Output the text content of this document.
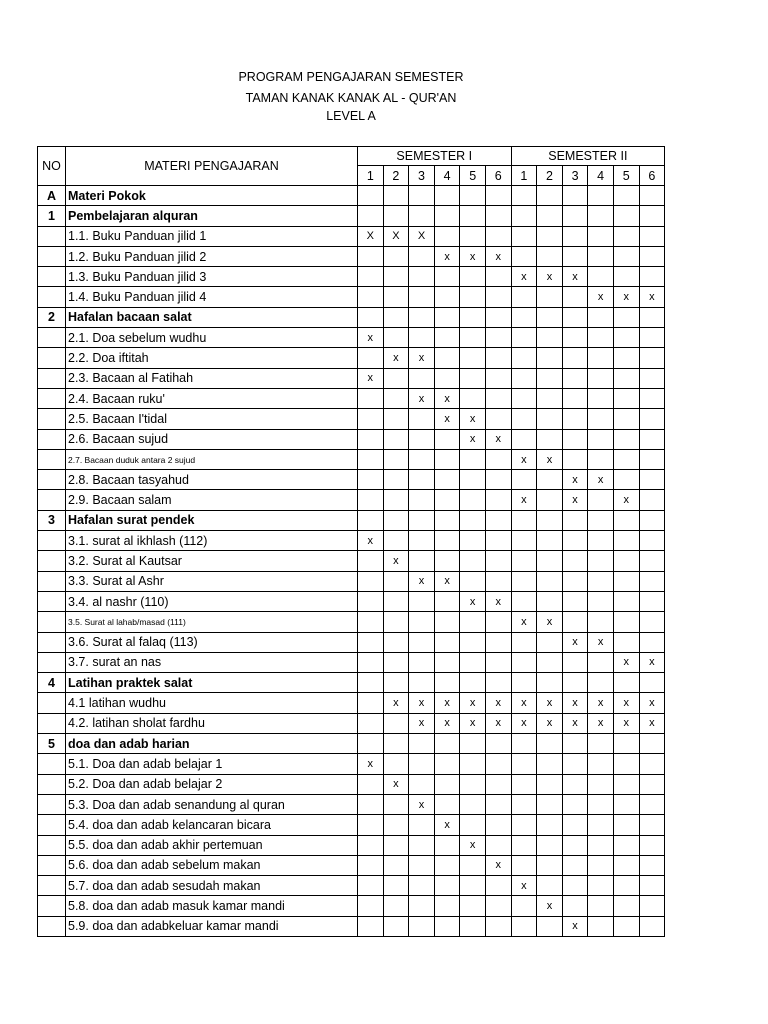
PROGRAM PENGAJARAN SEMESTER
TAMAN KANAK KANAK AL - QUR'AN
LEVEL A
NO	MATERI PENGAJARAN	SEMESTER I						SEMESTER II					
		1	2	3	4	5	6	1	2	3	4	5	6
A	Materi Pokok												
1	Pembelajaran alquran												
	1.1. Buku Panduan jilid 1	X	X	X									
	1.2. Buku Panduan jilid 2				x	x	x						
	1.3. Buku Panduan jilid 3							x	x	x			
	1.4. Buku Panduan jilid 4										x	x	x
2	Hafalan bacaan salat												
	2.1. Doa sebelum wudhu	x											
	2.2. Doa iftitah		x	x									
	2.3. Bacaan al Fatihah	x											
	2.4. Bacaan ruku'			x	x								
	2.5. Bacaan I'tidal				x	x							
	2.6. Bacaan sujud					x	x						
	2.7. Bacaan duduk antara 2 sujud							x	x				
	2.8. Bacaan tasyahud									x	x		
	2.9. Bacaan salam							x		x		x	
3	Hafalan surat pendek												
	3.1. surat al ikhlash (112)	x											
	3.2. Surat al Kautsar		x										
	3.3. Surat al Ashr			x	x								
	3.4. al nashr (110)					x	x						
	3.5. Surat al lahab/masad (111)							x	x				
	3.6. Surat al falaq (113)									x	x		
	3.7. surat an nas											x	x
4	Latihan praktek salat												
	4.1 latihan wudhu		x	x	x	x	x	x	x	x	x	x	x
	4.2. latihan sholat fardhu			x	x	x	x	x	x	x	x	x	x
5	doa dan adab harian												
	5.1. Doa dan adab belajar 1	x											
	5.2. Doa dan adab belajar 2		x										
	5.3. Doa dan adab senandung al quran			x									
	5.4. doa dan adab kelancaran bicara				x								
	5.5. doa dan adab akhir pertemuan					x							
	5.6. doa dan adab sebelum makan						x						
	5.7. doa dan adab sesudah makan							x					
	5.8. doa dan adab masuk kamar mandi								x				
	5.9. doa dan adabkeluar kamar mandi									x			
